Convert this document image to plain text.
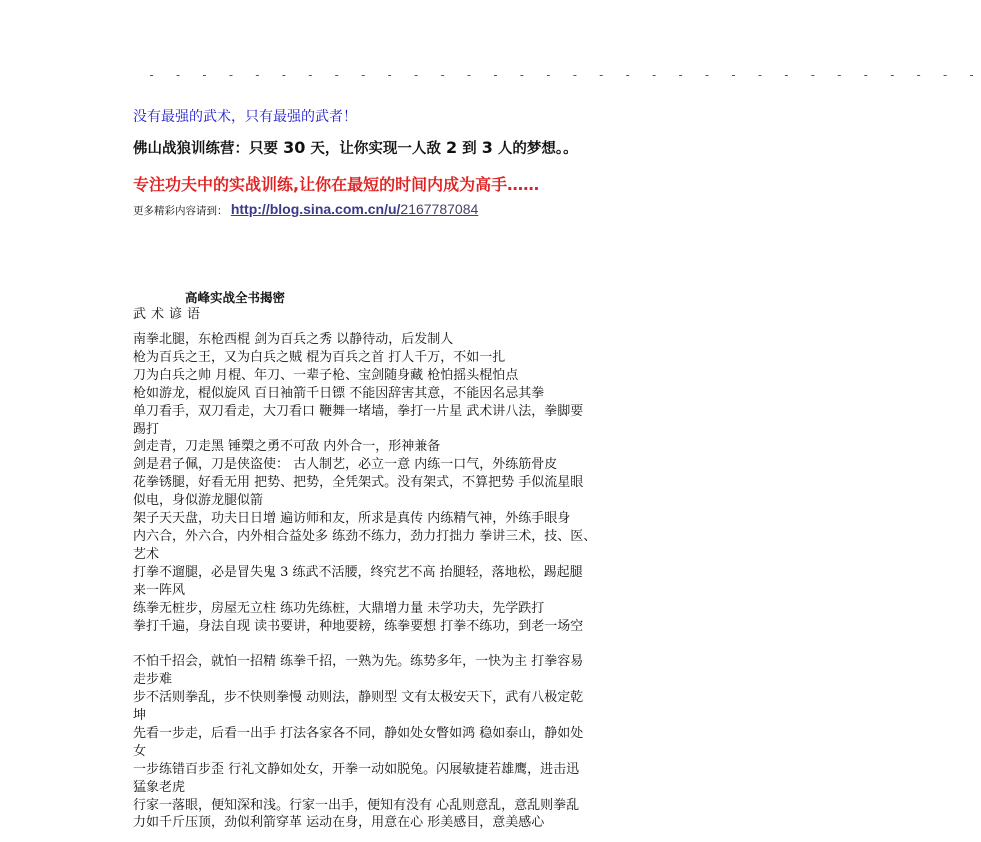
- - - - - - - - - - - - - - - - - - - - - - - - - - - - - - - -
没有最强的武术，只有最强的武者！
佛山战狼训练营：只要 30 天，让你实现一人敌 2 到 3 人的梦想。。
专注功夫中的实战训练,让你在最短的时间内成为高手……
更多精彩内容请到： http://blog.sina.com.cn/u/2167787084
高峰实战全书揭密
武术谚语
南拳北腿，东枪西棍 剑为百兵之秀 以静待动，后发制人
枪为百兵之王，又为白兵之贼 棍为百兵之首 打人千万，不如一扎
刀为白兵之帅 月棍、年刀、一辈子枪、宝剑随身藏 枪怕摇头棍怕点
枪如游龙，棍似旋风 百日袖箭千日镖 不能因辞害其意，不能因名忌其拳
单刀看手，双刀看走，大刀看口 鞭舞一堵墙，拳打一片星 武术讲八法，拳脚要
踢打
剑走青，刀走黑 锤槊之勇不可敌 内外合一，形神兼备
剑是君子佩，刀是侠盗使： 古人制艺，必立一意 内练一口气，外练筋骨皮
花拳锈腿，好看无用 把势、把势，全凭架式。没有架式，不算把势 手似流星眼
似电，身似游龙腿似箭
架子天天盘，功夫日日增 遍访师和友，所求是真传 内练精气神，外练手眼身
内六合，外六合，内外相合益处多 练劲不练力，劲力打拙力 拳讲三术，技、医、
艺术
打拳不遛腿，必是冒失鬼 3 练武不活腰，终究艺不高 抬腿轻，落地松，踢起腿
来一阵风
练拳无桩步，房屋无立柱 练功先练桩，大鼎增力量 未学功夫，先学跌打
拳打千遍，身法自现 读书要讲，种地要耪，练拳要想 打拳不练功，到老一场空
不怕千招会，就怕一招精 练拳千招，一熟为先。练势多年，一快为主 打拳容易
走步难
步不活则拳乱，步不快则拳慢 动则法，静则型 文有太极安天下，武有八极定乾
坤
先看一步走，后看一出手 打法各家各不同，静如处女瞥如鸿 稳如泰山，静如处
女
一步练错百步歪 行礼文静如处女，开拳一动如脱兔。闪展敏捷若雄鹰，进击迅
猛象老虎
行家一落眼，便知深和浅。行家一出手，便知有没有 心乱则意乱，意乱则拳乱
力如千斤压顶，劲似利箭穿革 运动在身，用意在心 形美感目，意美感心
